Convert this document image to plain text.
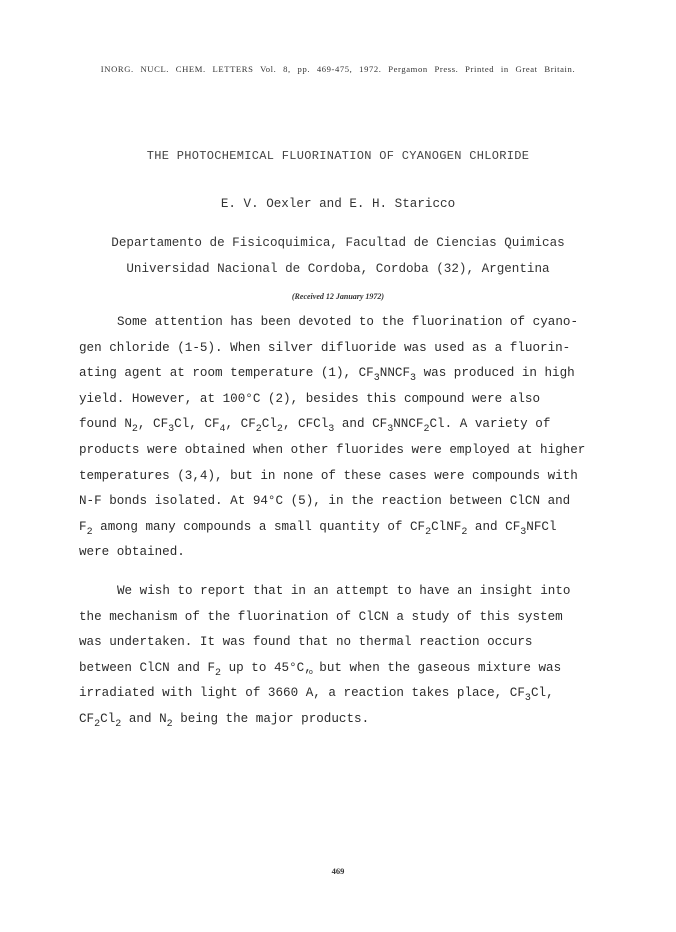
INORG. NUCL. CHEM. LETTERS Vol. 8, pp. 469-475, 1972. Pergamon Press. Printed in Great Britain.
THE PHOTOCHEMICAL FLUORINATION OF CYANOGEN CHLORIDE
E. V. Oexler and E. H. Staricco
Departamento de Fisicoquimica, Facultad de Ciencias Quimicas
Universidad Nacional de Cordoba, Cordoba (32), Argentina
(Received 12 January 1972)
Some attention has been devoted to the fluorination of cyano-
gen chloride (1-5). When silver difluoride was used as a fluorin-
ating agent at room temperature (1), $CF_3NNCF_3$ was produced in high
yield. However, at 100°C (2), besides this compound were also
found $N_2$, $CF_3Cl$, $CF_4$, $CF_2Cl_2$, CFCl$_3$ and $CF_3NNCF_2Cl$. A variety of
products were obtained when other fluorides were employed at higher
temperatures (3,4), but in none of these cases were compounds with
N-F bonds isolated. At 94°C (5), in the reaction between ClCN and
$F_2$ among many compounds a small quantity of $CF_2ClNF_2$ and $CF_3NFCl$
were obtained.
We wish to report that in an attempt to have an insight into
the mechanism of the fluorination of ClCN a study of this system
was undertaken. It was found that no thermal reaction occurs
between ClCN and $F_2$ up to 45°C, but when the gaseous mixture was
irradiated with light of 3660 o A, a reaction takes place, $CF_3Cl$,
$CF_2Cl_2$ and $N_2$ being the major products.
469
